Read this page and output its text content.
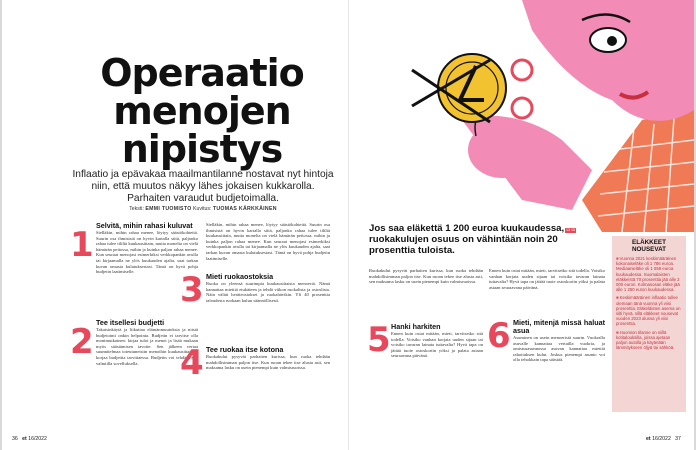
Operaatio
menojen
nipistys
Inflaatio ja epävakaa maailmantilanne nostavat nyt hintoja niin, että muutos näkyy lähes jokaisen kukkarolla. Parhaiten varaudut budjetoimalla.
Teksti: EMMI TUOMISTO Kuvitus: TUOMAS KÄRKKÄINEN
1 Selvitä, mihin rahasi kuluvat

Sielläkin, mihin rahaa menee, löytyy säästökohteitä. Suurin osa ihmisistä on hyvin kartalla siitä, paljonko rahaa tulee tililtä kuukausittain, mutta monelta on vielä hämärän peitossa, mihin ja kuinka paljon rahaa menee. Kun seuraat menojasi esimerkiksi verkkopankin avulla tai kirjaamalla ne ylös kuukauden ajalta, saat tarkan kuvan omasta kulutuksestasi. Tämä on hyvä pohja budjetin laatimiselle.

2 Tee itsellesi budjetti

Takaisinkäytä ja liikuttaa elämänmuutoksia ja niistä budjetointi onkin helpointa. Budjetin ei tarvitse olla monimutkainen: kirjaa tulot ja menot ja lisää mukaan myös säästämisen tavoite. Sen jälkeen vertaa suunnitelmaa toteutuneisiin menoihin kuukausittain ja korjaa budjettia tarvittaessa. Budjetin voi tehdä myös valmiilla sovelluksella.

Sielläkin, mihin rahaa menee, löytyy säästökohteitä. Suurin osa ihmisistä on hyvin kartalla siitä, paljonko rahaa tulee tililtä kuukausittain, mutta monelta on vielä hämärän peitossa, mihin ja kuinka paljon rahaa menee. Kun seuraat menojasi esimerkiksi verkkopankin avulla tai kirjaamalla ne ylös kuukauden ajalta, saat tarkan kuvan omasta kulutuksestasi. Tämä on hyvä pohja budjetin laatimiselle.

3 Mieti ruokaostoksia

Ruoka on yleensä suurimpia kuukausittaisia menoeriä. Nämä kannattaa miettiä etukäteen ja tehdä viikon ruokalista ja ostoslista. Näin vältät heräteostokset ja ruokahävikin. Yli 40 prosenttia taloudesta ruokaan kuluu säännöllisesti.

4 Tee ruokaa itse kotona

Ruokakulut pysyvät parhaiten kurissa, kun ruoka tehdään mahdollisimman paljon itse. Kun ruoan tekee itse alusta asti, sen maksama lasku on usein pienempi kuin valmisruoissa.

Jos saa eläkettä 1 200 euroa kuukaudessa, ruokakulujen osuus on vähintään noin 20 prosenttia tuloista.

Ruokakulut pysyvät parhaiten kurissa, kun ruoka tehdään mahdollisimman paljon itse. Kun ruoan tekee itse alusta asti, sen maksama lasku on usein pienempi kuin valmisruoissa.

5 Hanki harkiten

Ennen kuin ostat mitään, mieti, tarvitsetko sitä todella. Voisiko vanhan korjata uuden sijaan tai voisiko tavaran lainata tuttavalta? Hyvä tapa on jättää tuote ostoskoriin yöksi ja palata asiaan seuraavana päivänä.

Ennen kuin ostat mitään, mieti, tarvitsetko sitä todella. Voisiko vanhan korjata uuden sijaan tai voisiko tavaran lainata tuttavalta? Hyvä tapa on jättää tuote ostoskoriin yöksi ja palata asiaan seuraavana päivänä.

6 Mieti, mitenjä missä haluat asua

Asuminen on usein menoeristä suurin. Vuokralla asuvalle kannattaa vertailla vuokria, ja omistusasunnossa asuvan kannattaa miettiä rahoituksen kulut. Joskus pienempi asunto voi olla tehokkain tapa säästää.

ELÄKKEET NOUSEVAT
■Vuonna 2021 keskimääräinen kokonaiseläke oli 1 786 euroa. Mediaanieläke oli 1 559 euroa kuukaudessa. Suomalaisten eläkkeistä 70 prosenttia jää alle 2 000 euron. Kolmasosan eläke jää alle 1 250 euron kuukaudessa.
■Keskimääräinen inflaatio tullee olemaan tänä vuonna yli viisi prosenttia. Eläkeläisten asema on silti hyvä, sillä eläkkeet nousevat vuoden 2023 alussa yli viisi prosenttia.
■Huomion tilanne on niillä kotitalouksilla, joissa ajetaan paljon autolla ja käytetään lämmitykseen öljyä tai sähköä.
13 15
36 et 16/2022	et 16/2022 37
